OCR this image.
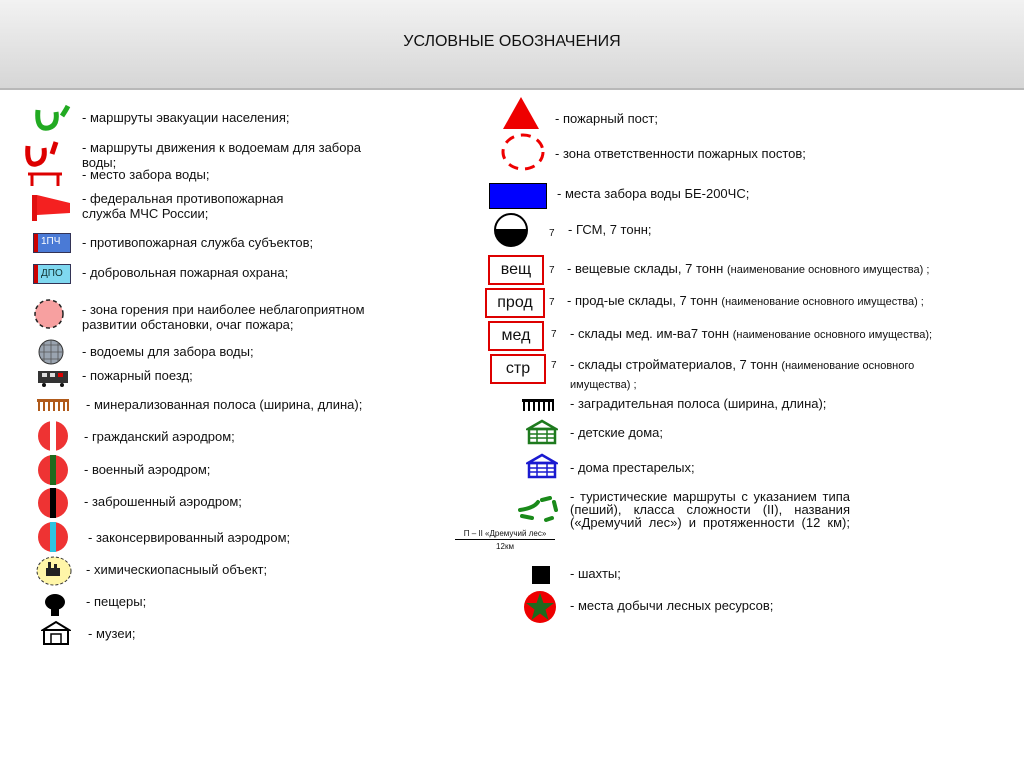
УСЛОВНЫЕ ОБОЗНАЧЕНИЯ
- маршруты эвакуации населения;
- маршруты движения к водоемам для забора воды;
- место забора воды;
- федеральная противопожарная служба МЧС России;
1ПЧ - противопожарная служба субъектов;
ДПО - добровольная пожарная охрана;
- зона горения при наиболее неблагоприятном развитии обстановки, очаг пожара;
- водоемы для забора воды;
- пожарный поезд;
- минерализованная полоса (ширина, длина);
- гражданский аэродром;
- военный аэродром;
- заброшенный аэродром;
- законсервированный аэродром;
- химическиопасныый объект;
- пещеры;
- музеи;
- пожарный пост;
- зона ответственности пожарных постов;
- места забора воды БЕ-200ЧС;
7 - ГСМ, 7 тонн;
вещ	7 - вещевые склады, 7 тонн (наименование основного имущества) ;
прод	7 - прод-ые склады, 7 тонн (наименование основного имущества) ;
мед	7 - склады мед. им-ва7 тонн (наименование основного имущества);
стр	7 - склады стройматериалов, 7 тонн (наименование основного имущества) ;
- заградительная полоса (ширина, длина);
- детские дома;
- дома престарелых;
П – II «Дремучий лес»
12км
- туристические маршруты с указанием типа (пеший), класса сложности (II), названия («Дремучий лес») и протяженности (12 км);
- шахты;
- места добычи лесных ресурсов;
